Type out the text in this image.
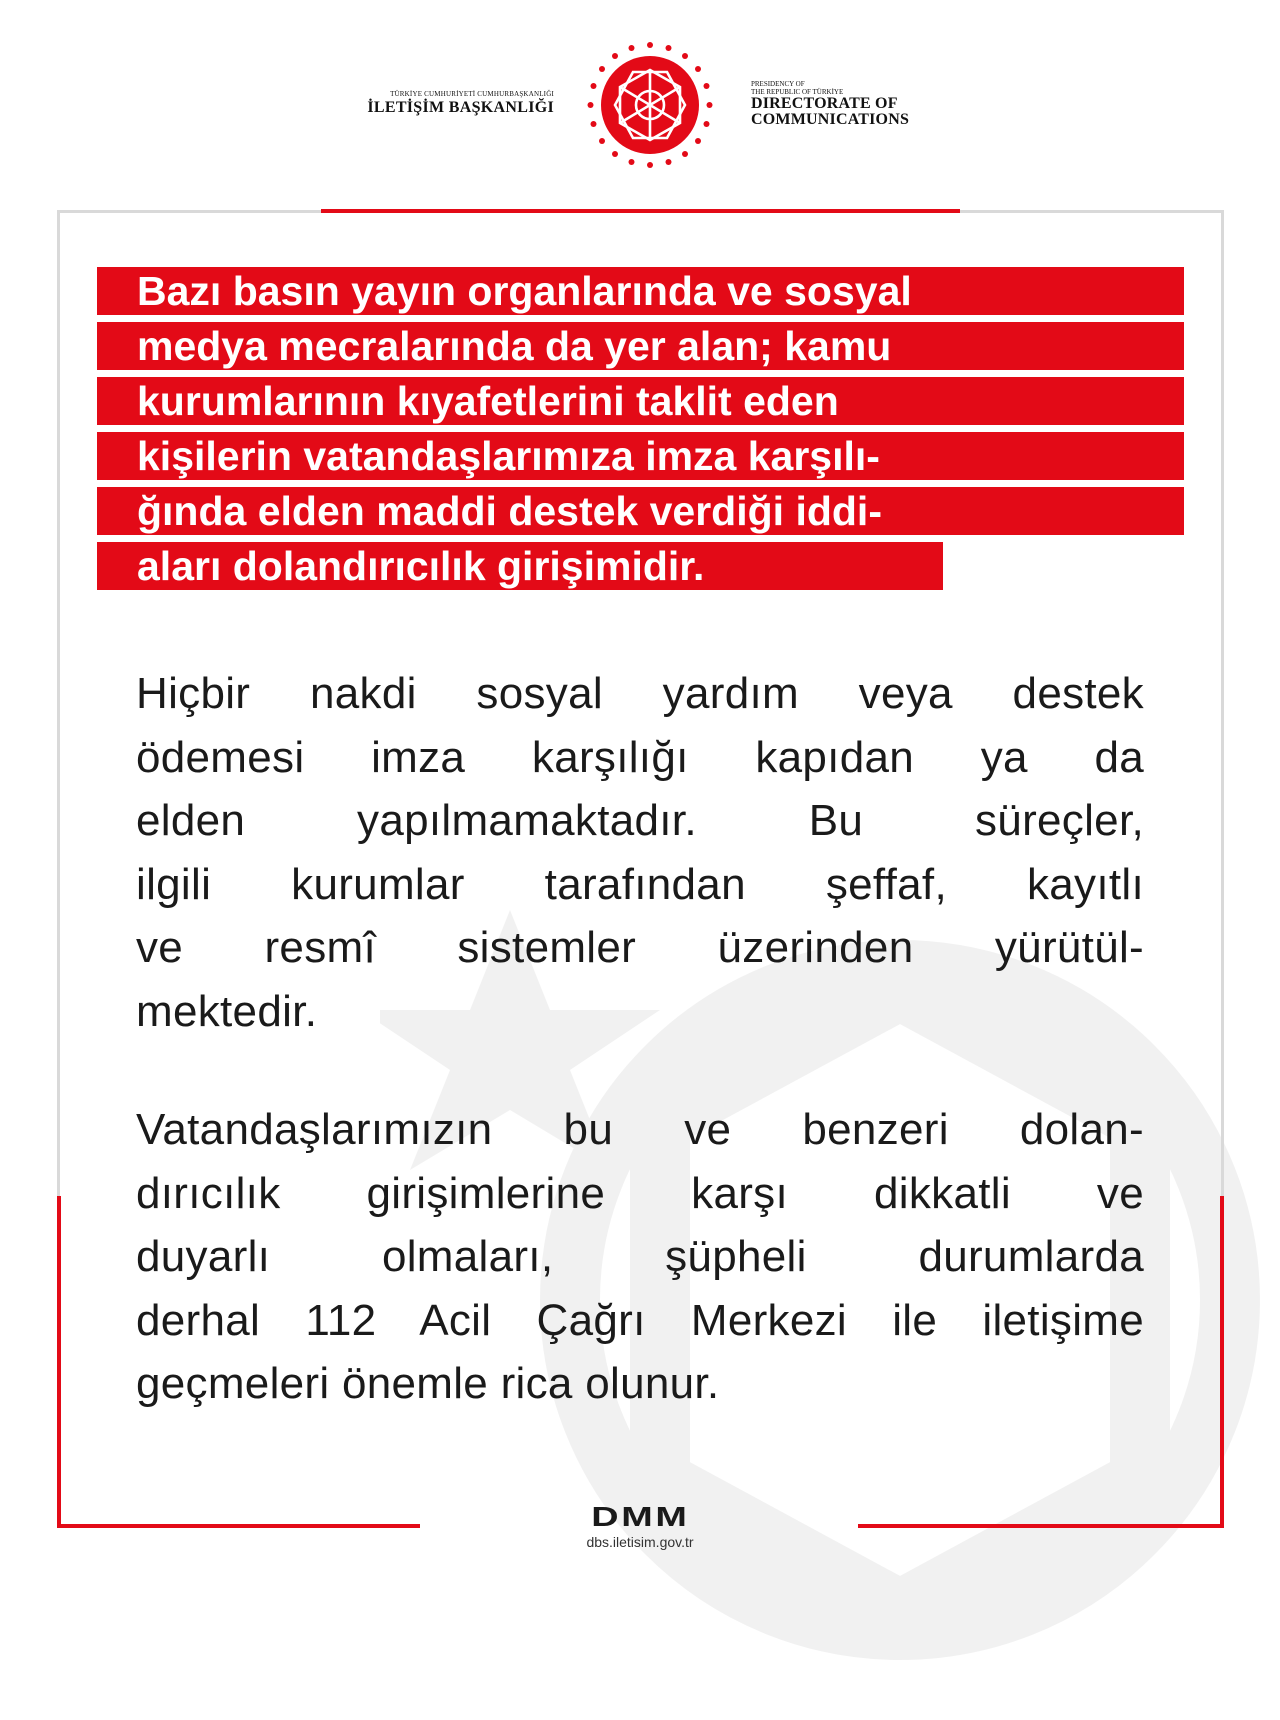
TÜRKİYE CUMHURİYETİ CUMHURBAŞKANLIĞI
İLETİŞİM BAŞKANLIĞI
PRESIDENCY OF
THE REPUBLIC OF TÜRKİYE
DIRECTORATE OF
COMMUNICATIONS
Bazı basın yayın organlarında ve sosyal
medya mecralarında da yer alan; kamu
kurumlarının kıyafetlerini taklit eden
kişilerin vatandaşlarımıza imza karşılı-
ğında elden maddi destek verdiği iddi-
aları dolandırıcılık girişimidir.
Hiçbir nakdi sosyal yardım veya destek
ödemesi imza karşılığı kapıdan ya da
elden yapılmamaktadır. Bu süreçler,
ilgili kurumlar tarafından şeffaf, kayıtlı
ve resmî sistemler üzerinden yürütül-
mektedir.
Vatandaşlarımızın bu ve benzeri dolan-
dırıcılık girişimlerine karşı dikkatli ve
duyarlı olmaları, şüpheli durumlarda
derhal 112 Acil Çağrı Merkezi ile iletişime
geçmeleri önemle rica olunur.
DMM
dbs.iletisim.gov.tr
